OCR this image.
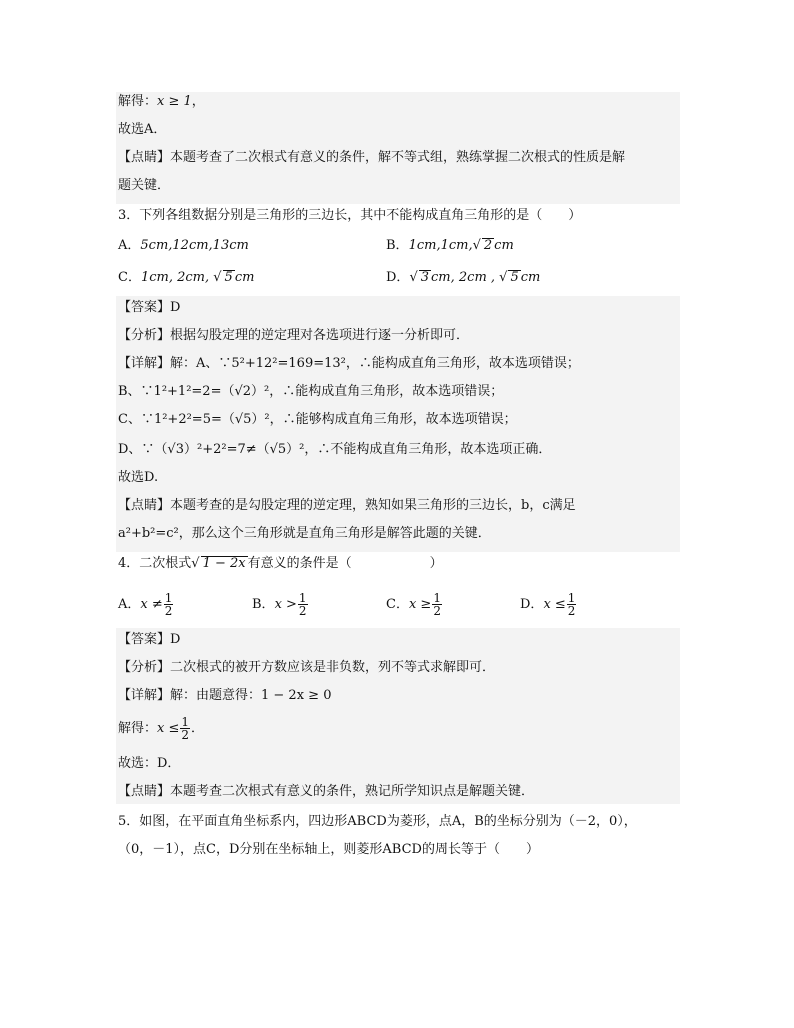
解得：x ≥ 1，
故选A．
【点睛】本题考查了二次根式有意义的条件，解不等式组，熟练掌握二次根式的性质是解
题关键．
3．下列各组数据分别是三角形的三边长，其中不能构成直角三角形的是（　　）
A．5cm,12cm,13cm	B．1cm,1cm,√ 2 cm
C．1cm, 2cm, √ 5 cm	D．√ 3 cm, 2cm , √ 5 cm
【答案】D
【分析】根据勾股定理的逆定理对各选项进行逐一分析即可．
【详解】解：A、∵5²+12²=169=13²，∴能构成直角三角形，故本选项错误；
B、∵1²+1²=2=（√2）²，∴能构成直角三角形，故本选项错误；
C、∵1²+2²=5=（√5）²，∴能够构成直角三角形，故本选项错误；
D、∵（√3）²+2²=7≠（√5）²，∴不能构成直角三角形，故本选项正确．
故选D.
【点睛】本题考查的是勾股定理的逆定理，熟知如果三角形的三边长，b，c满足
a²+b²=c²，那么这个三角形就是直角三角形是解答此题的关键．
4．二次根式√ 1 − 2x 有意义的条件是（　　　　　　）
A．$x \ne \frac{1}{2}$	B．$x > \frac{1}{2}$	C．$x \ge \frac{1}{2}$	D．$x \le \frac{1}{2}$
【答案】D
【分析】二次根式的被开方数应该是非负数，列不等式求解即可．
【详解】解：由题意得：1 − 2x ≥ 0
解得：$x \le \frac{1}{2}$ ．
故选：D．
【点睛】本题考查二次根式有意义的条件，熟记所学知识点是解题关键．
5．如图，在平面直角坐标系内，四边形ABCD为菱形，点A，B的坐标分别为（－2，0），
（0，－1），点C，D分别在坐标轴上，则菱形ABCD的周长等于（　　）
